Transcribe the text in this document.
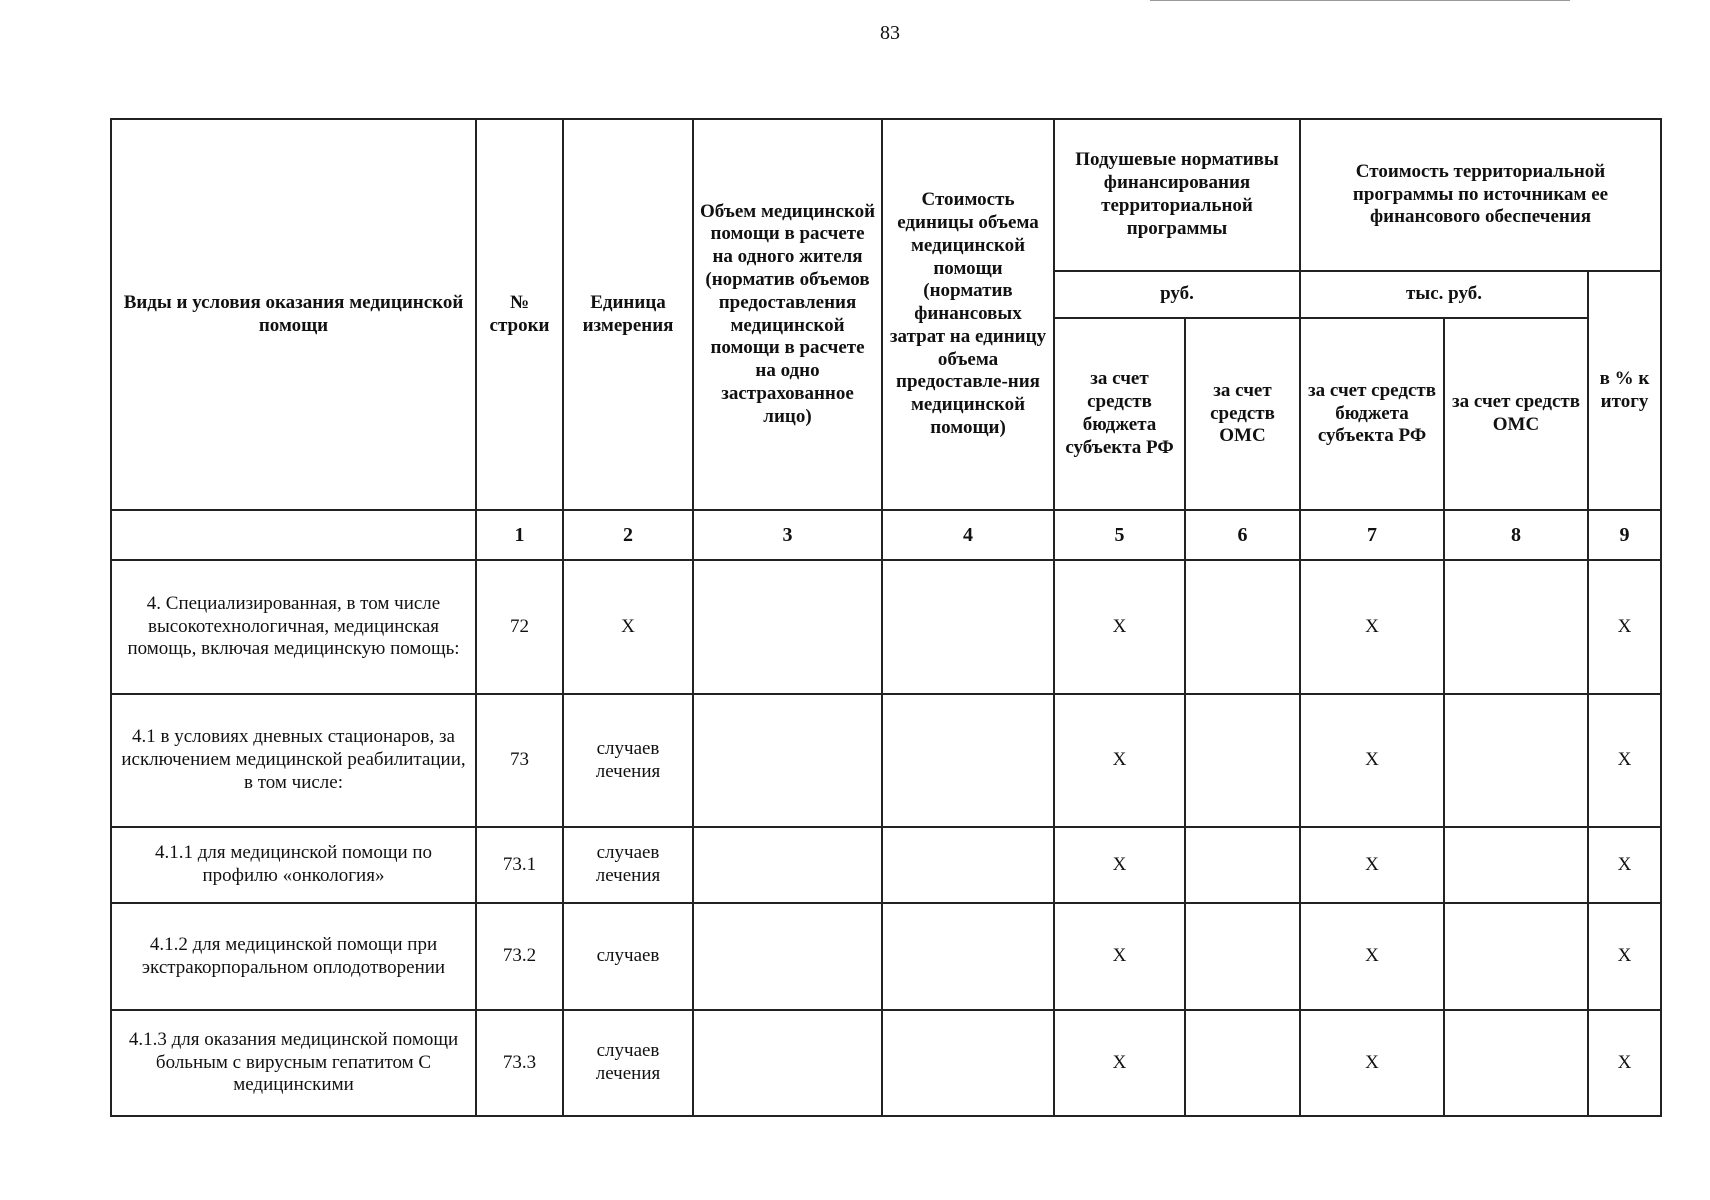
83
Виды и условия оказания медицинской помощи	№ строки	Единица измерения	Объем медицинской помощи в расчете на одного жителя (норматив объемов предоставления медицинской помощи в расчете на одно застрахованное лицо)	Стоимость единицы объема медицинской помощи (норматив финансовых затрат на единицу объема предоставле-ния медицинской помощи)	Подушевые нормативы финансирования территориальной программы		Стоимость территориальной программы по источникам ее финансового обеспечения		
					руб.		тыс. руб.		в % к итогу
					за счет средств бюджета субъекта РФ	за счет средств ОМС	за счет средств бюджета субъекта РФ	за счет средств ОМС	
	1	2	3	4	5	6	7	8	9
4. Специализированная, в том числе высокотехнологичная, медицинская помощь, включая медицинскую помощь:	72	X			X		X		X
4.1 в условиях дневных стационаров, за исключением медицинской реабилитации, в том числе:	73	случаев лечения			X		X		X
4.1.1 для медицинской помощи по профилю «онкология»	73.1	случаев лечения			X		X		X
4.1.2 для медицинской помощи при экстракорпоральном оплодотворении	73.2	случаев			X		X		X
4.1.3 для оказания медицинской помощи больным с вирусным гепатитом С медицинскими	73.3	случаев лечения			X		X		X
